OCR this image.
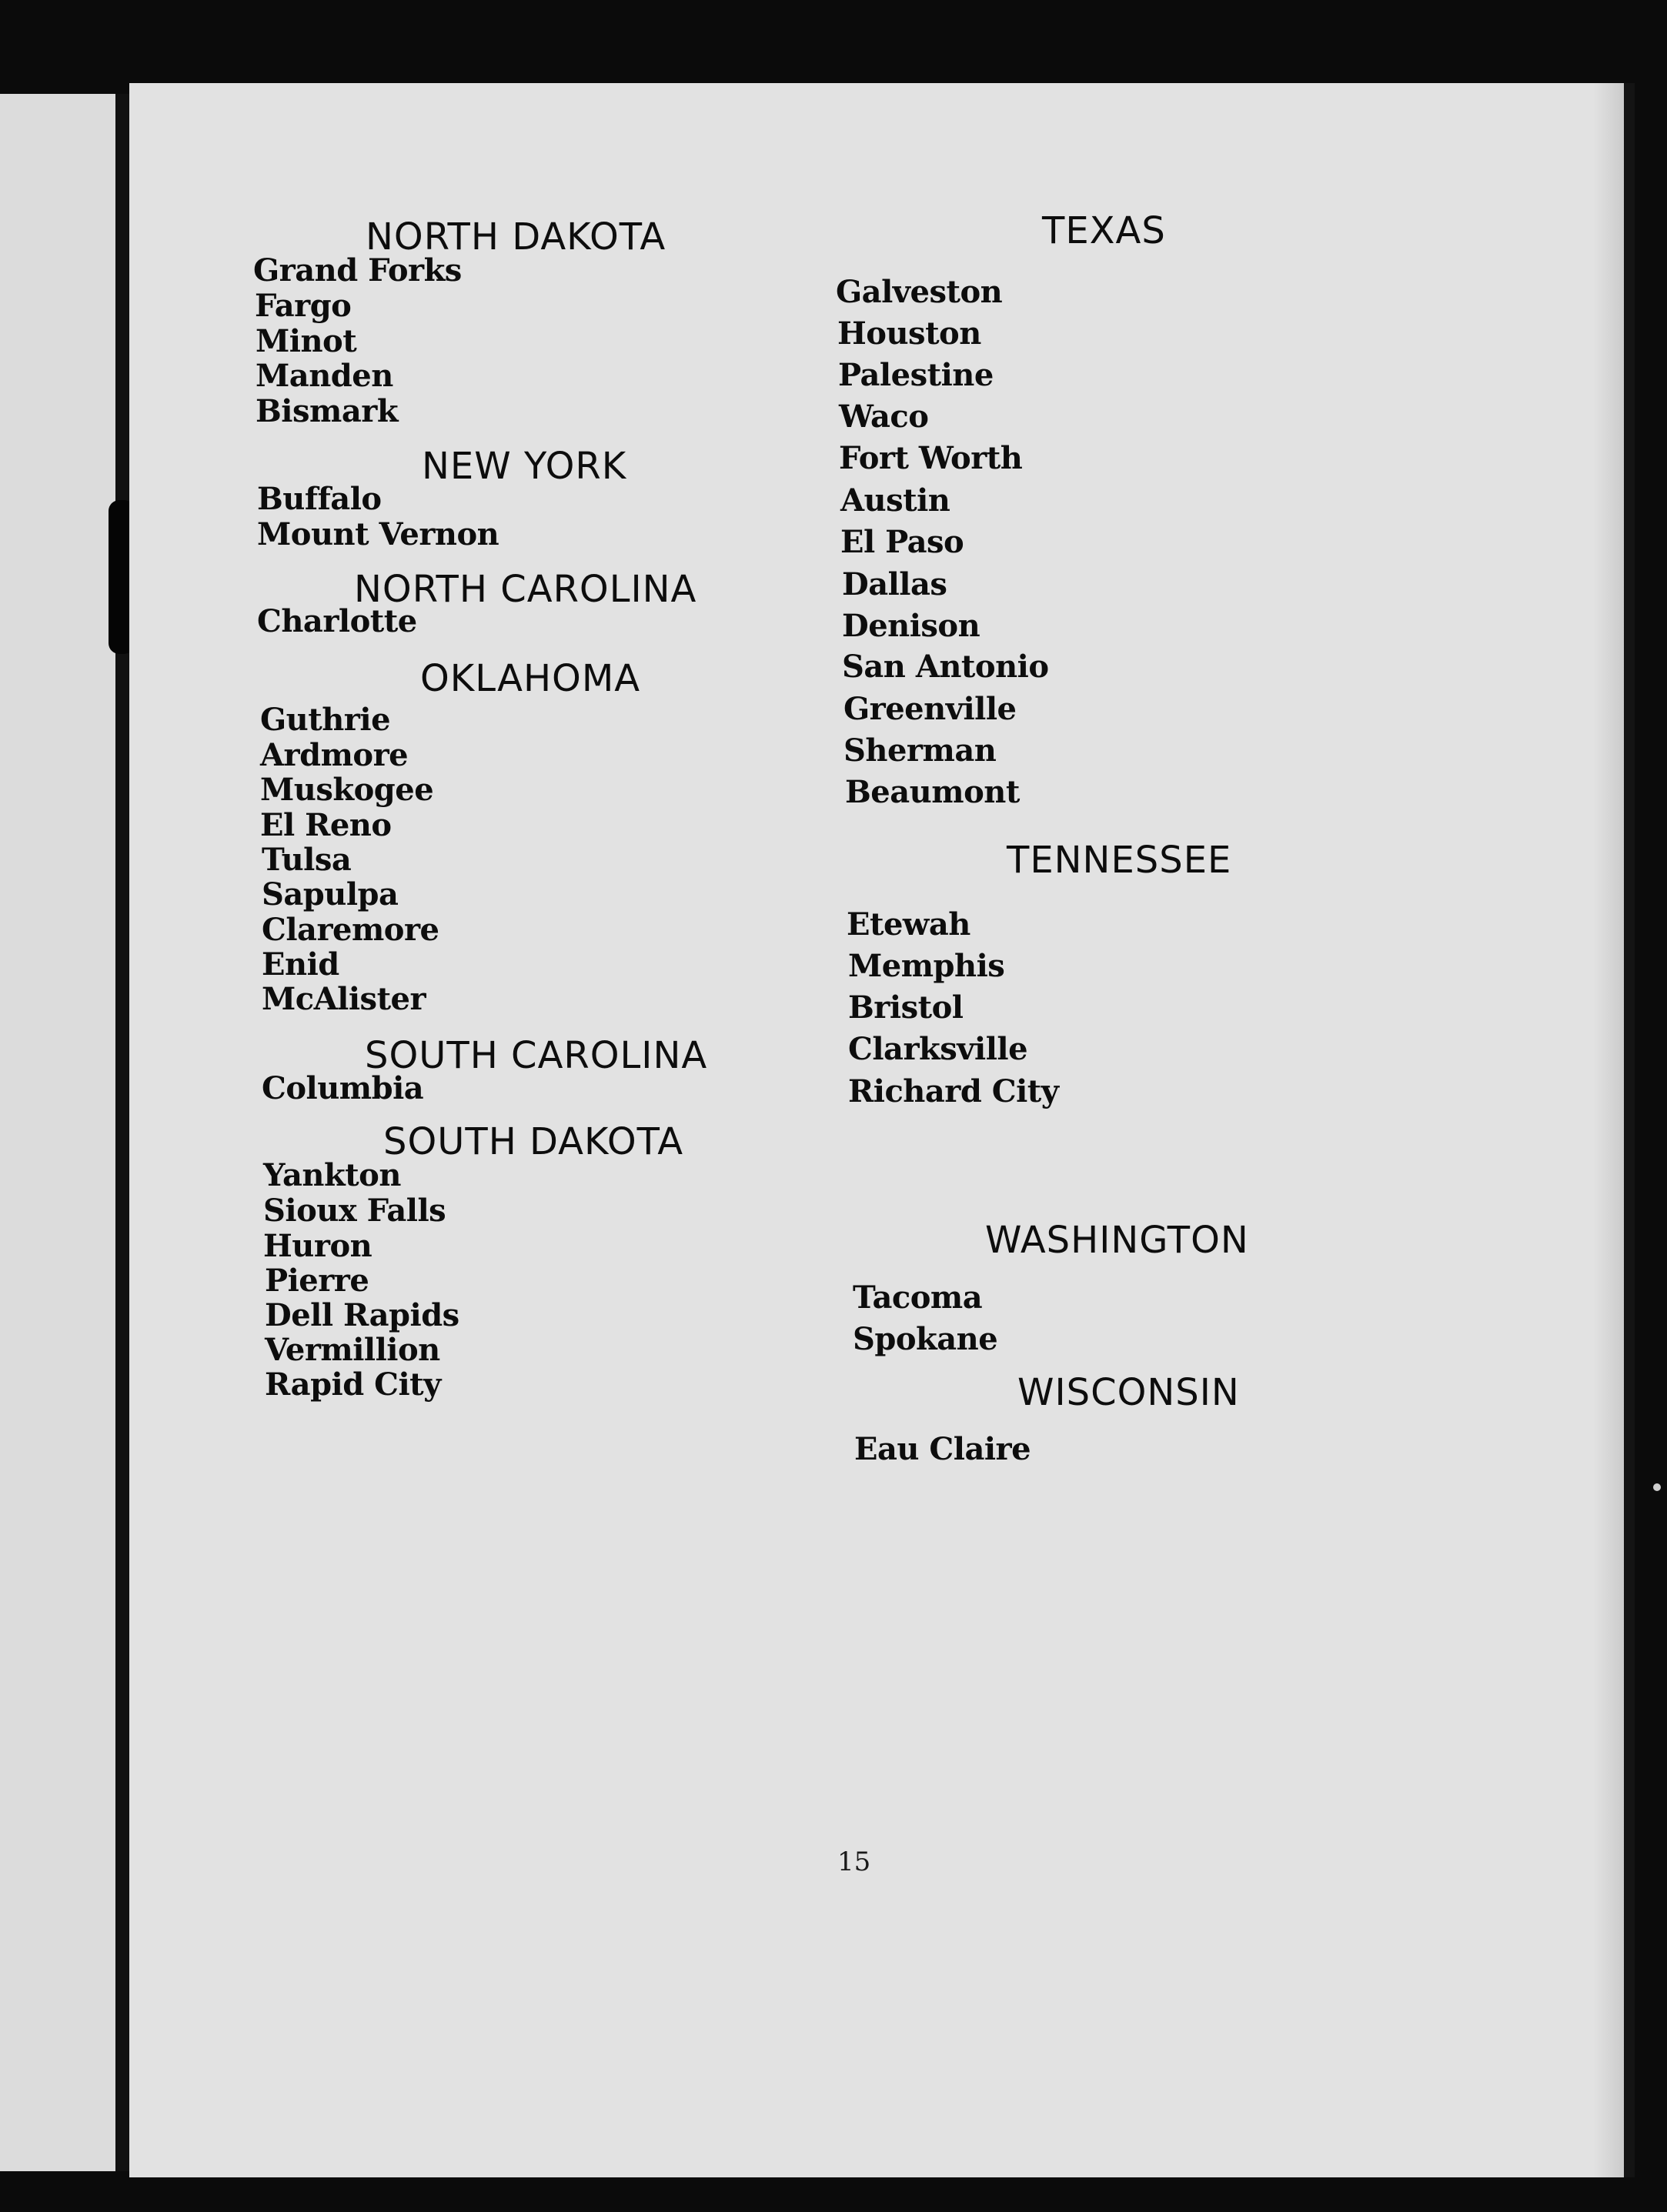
NORTH DAKOTA
Grand Forks
Fargo
Minot
Manden
Bismark
NEW YORK
Buffalo
Mount Vernon
NORTH CAROLINA
Charlotte
OKLAHOMA
Guthrie
Ardmore
Muskogee
El Reno
Tulsa
Sapulpa
Claremore
Enid
McAlister
SOUTH CAROLINA
Columbia
SOUTH DAKOTA
Yankton
Sioux Falls
Huron
Pierre
Dell Rapids
Vermillion
Rapid City
TEXAS
Galveston
Houston
Palestine
Waco
Fort Worth
Austin
El Paso
Dallas
Denison
San Antonio
Greenville
Sherman
Beaumont
TENNESSEE
Etewah
Memphis
Bristol
Clarksville
Richard City
WASHINGTON
Tacoma
Spokane
WISCONSIN
Eau Claire
15
